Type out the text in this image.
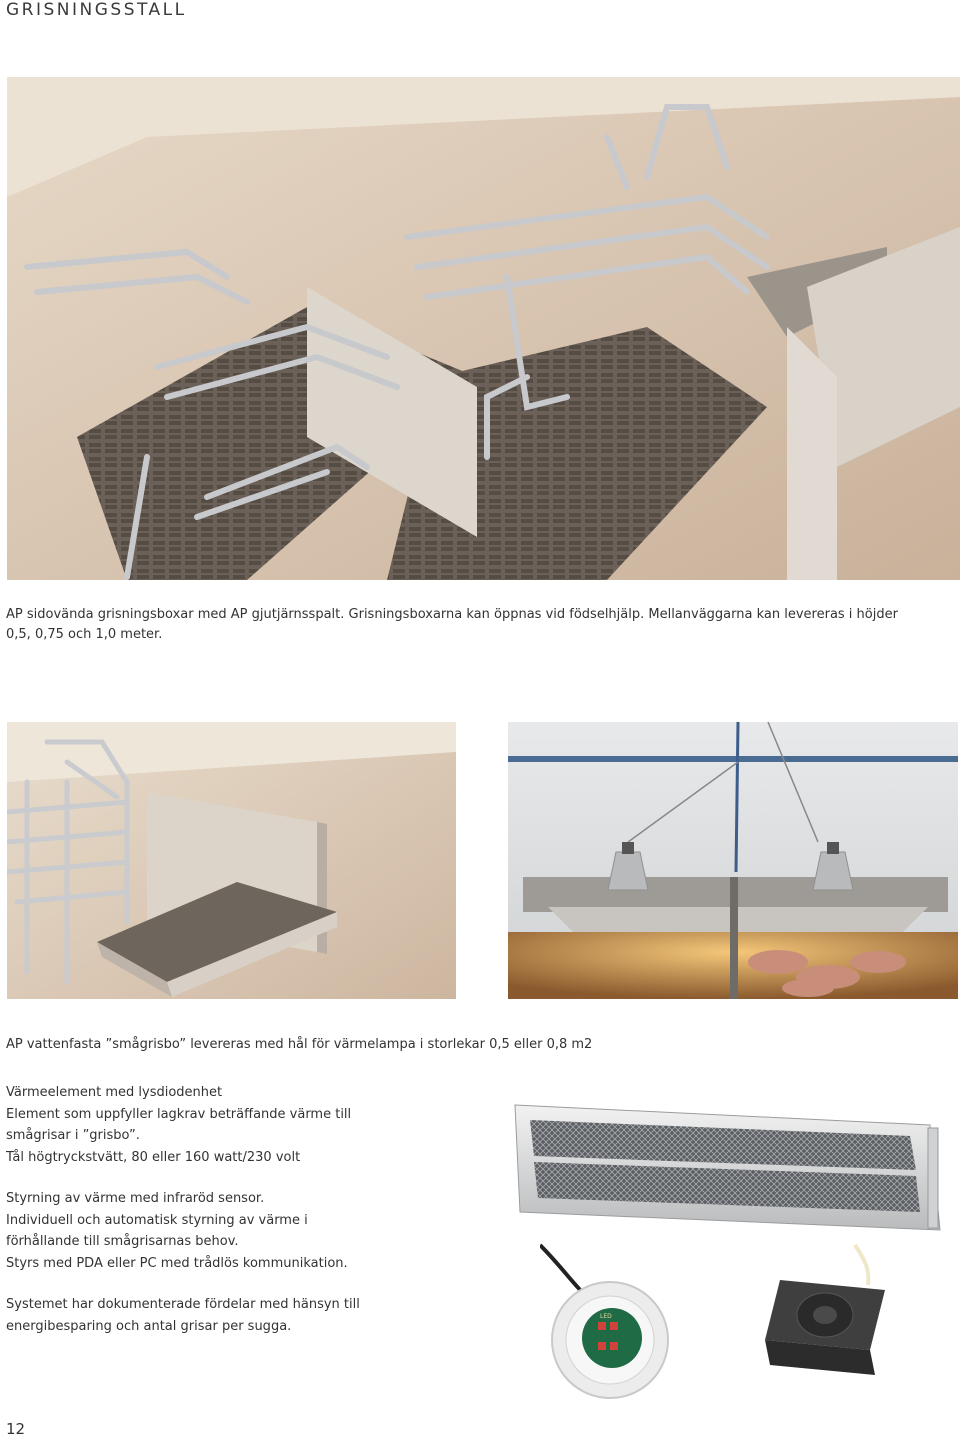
GRISNINGSSTALL

AP sidovända grisningsboxar med AP gjutjärnsspalt. Grisningsboxarna kan öppnas vid födselhjälp. Mellanväggarna kan levereras i höjder

0,5, 0,75 och 1,0 meter.

AP vattenfasta ”smågrisbo” levereras med hål för värmelampa i storlekar 0,5 eller 0,8 m2

Värmeelement med lysdiodenhet

Element som uppfyller lagkrav beträffande värme till

smågrisar i ”grisbo”.

Tål högtryckstvätt, 80 eller 160 watt/230 volt

Styrning av värme med infraröd sensor.

Individuell och automatisk styrning av värme i

förhållande till smågrisarnas behov.

Styrs med PDA eller PC med trådlös kommunikation.

Systemet har dokumenterade fördelar med hänsyn till

energibesparing och antal grisar per sugga.

LED
12
